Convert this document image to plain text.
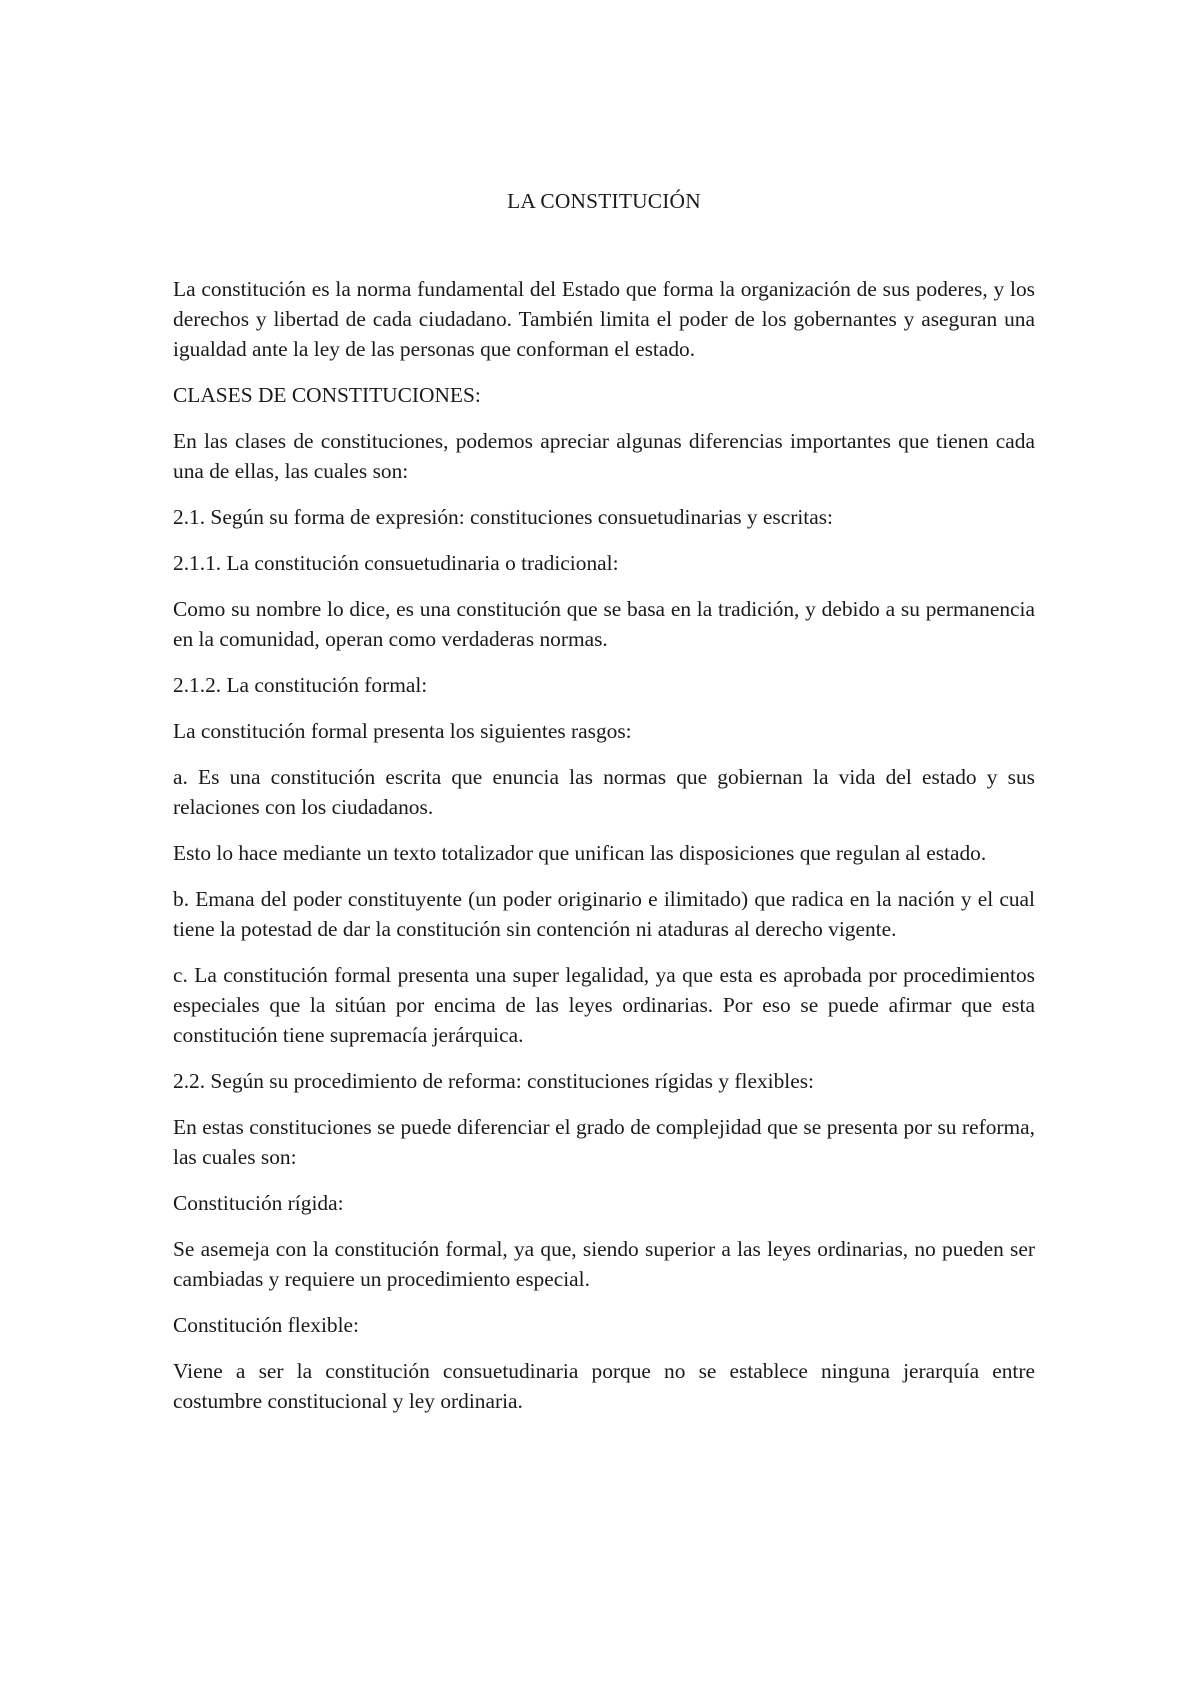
LA CONSTITUCIÓN

La constitución es la norma fundamental del Estado que forma la organización de sus poderes, y los derechos y libertad de cada ciudadano. También limita el poder de los gobernantes y aseguran una igualdad ante la ley de las personas que conforman el estado.

CLASES DE CONSTITUCIONES:

En las clases de constituciones, podemos apreciar algunas diferencias importantes que tienen cada una de ellas, las cuales son:

2.1. Según su forma de expresión: constituciones consuetudinarias y escritas:

2.1.1. La constitución consuetudinaria o tradicional:

Como su nombre lo dice, es una constitución que se basa en la tradición, y debido a su permanencia en la comunidad, operan como verdaderas normas.

2.1.2. La constitución formal:

La constitución formal presenta los siguientes rasgos:

a. Es una constitución escrita que enuncia las normas que gobiernan la vida del estado y sus relaciones con los ciudadanos.

Esto lo hace mediante un texto totalizador que unifican las disposiciones que regulan al estado.

b. Emana del poder constituyente (un poder originario e ilimitado) que radica en la nación y el cual tiene la potestad de dar la constitución sin contención ni ataduras al derecho vigente.

c. La constitución formal presenta una super legalidad, ya que esta es aprobada por procedimientos especiales que la sitúan por encima de las leyes ordinarias. Por eso se puede afirmar que esta constitución tiene supremacía jerárquica.

2.2. Según su procedimiento de reforma: constituciones rígidas y flexibles:

En estas constituciones se puede diferenciar el grado de complejidad que se presenta por su reforma, las cuales son:

Constitución rígida:

Se asemeja con la constitución formal, ya que, siendo superior a las leyes ordinarias, no pueden ser cambiadas y requiere un procedimiento especial.

Constitución flexible:

Viene a ser la constitución consuetudinaria porque no se establece ninguna jerarquía entre costumbre constitucional y ley ordinaria.
